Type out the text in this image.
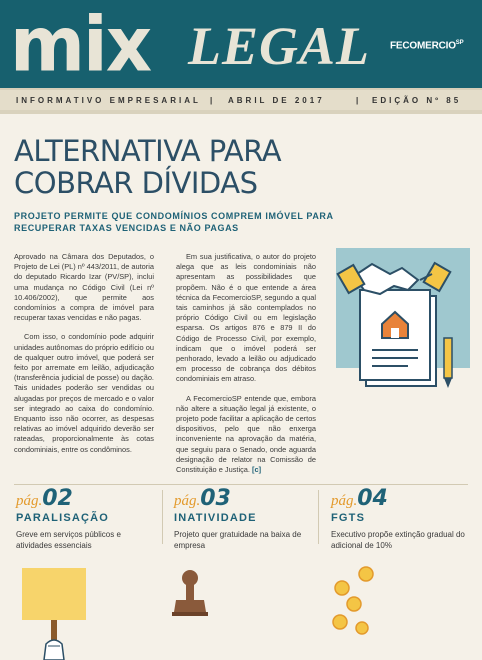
mix LEGAL $FECOMERCIO^{SP}$
INFORMATIVO EMPRESARIAL | ABRIL DE 2017	| EDIÇÃO Nº 85
ALTERNATIVA PARA COBRAR DÍVIDAS
PROJETO PERMITE QUE CONDOMÍNIOS COMPREM IMÓVEL PARA RECUPERAR TAXAS VENCIDAS E NÃO PAGAS

Aprovado na Câmara dos Deputados, o Projeto de Lei (PL) nº 443/2011, de autoria do deputado Ricardo Izar (PV/SP), inclui uma mudança no Código Civil (Lei nº 10.406/2002), que permite aos condomínios a compra de imóvel para recuperar taxas vencidas e não pagas.

Com isso, o condomínio pode adquirir unidades autônomas do próprio edifício ou de qualquer outro imóvel, que poderá ser feito por arremate em leilão, adjudicação (transferência judicial de posse) ou dação. Tais unidades poderão ser vendidas ou alugadas por preços de mercado e o valor ser integrado ao caixa do condomínio. Enquanto isso não ocorrer, as despesas relativas ao imóvel adquirido deverão ser rateadas, proporcionalmente às cotas condominiais, entre os condôminos.

Em sua justificativa, o autor do projeto alega que as leis condominiais não apresentam as possibilidades que propõem. Não é o que entende a área técnica da FecomercioSP, segundo a qual tais caminhos já são contemplados no próprio Código Civil ou em legislação esparsa. Os artigos 876 e 879 II do Código de Processo Civil, por exemplo, indicam que o imóvel poderá ser penhorado, levado a leilão ou adjudicado em processo de cobrança dos débitos condominiais em atraso.

A FecomercioSP entende que, embora não altere a situação legal já existente, o projeto pode facilitar a aplicação de certos dispositivos, pelo que não enxerga inconveniente na aprovação da matéria, que seguiu para o Senado, onde aguarda designação de relator na Comissão de Constituição e Justiça. [c]

pág.02
PARALISAÇÃO
Greve em serviços públicos e atividades essenciais
pág.03
INATIVIDADE
Projeto quer gratuidade na baixa de empresa
pág.04
FGTS
Executivo propõe extinção gradual do adicional de 10%
